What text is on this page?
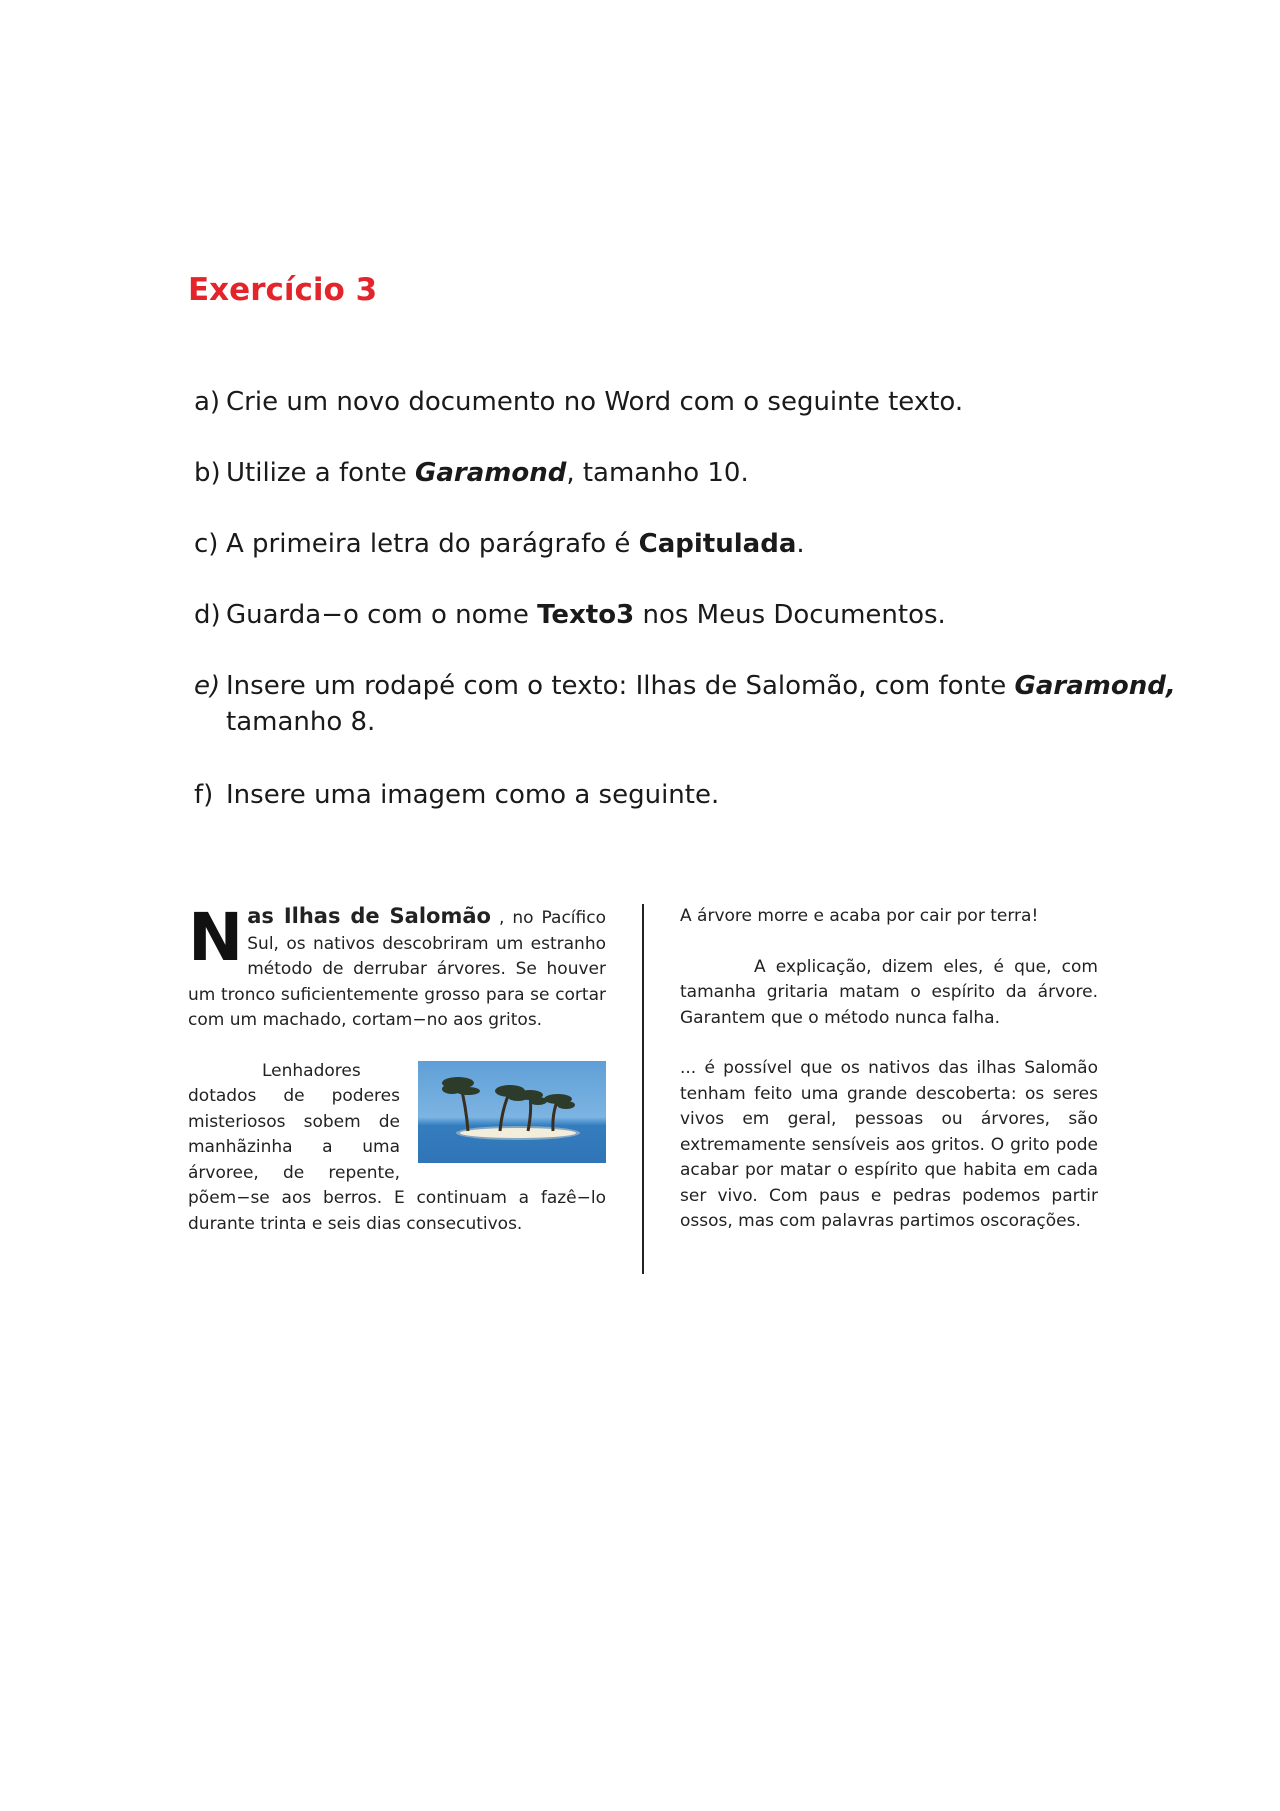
Exercício 3
a) Crie um novo documento no Word com o seguinte texto.
b) Utilize a fonte Garamond, tamanho 10.
c) A primeira letra do parágrafo é Capitulada.
d) Guarda−o com o nome Texto3 nos Meus Documentos.
e) Insere um rodapé com o texto: Ilhas de Salomão, com fonte Garamond,
tamanho 8.
f) Insere uma imagem como a seguinte.

Nas Ilhas de Salomão , no Pacífico Sul, os nativos descobriram um estranho método de derrubar árvores. Se houver um tronco suficientemente grosso para se cortar com um machado, cortam−no aos gritos.

Lenhadores dotados de poderes misteriosos sobem de manhãzinha a uma árvoree, de repente, põem−se aos berros. E continuam a fazê−lo durante trinta e seis dias consecutivos.

A árvore morre e acaba por cair por terra!

A explicação, dizem eles, é que, com tamanha gritaria matam o espírito da árvore. Garantem que o método nunca falha.

... é possível que os nativos das ilhas Salomão tenham feito uma grande descoberta: os seres vivos em geral, pessoas ou árvores, são extremamente sensíveis aos gritos. O grito pode acabar por matar o espírito que habita em cada ser vivo. Com paus e pedras podemos partir ossos, mas com palavras partimos oscorações.
